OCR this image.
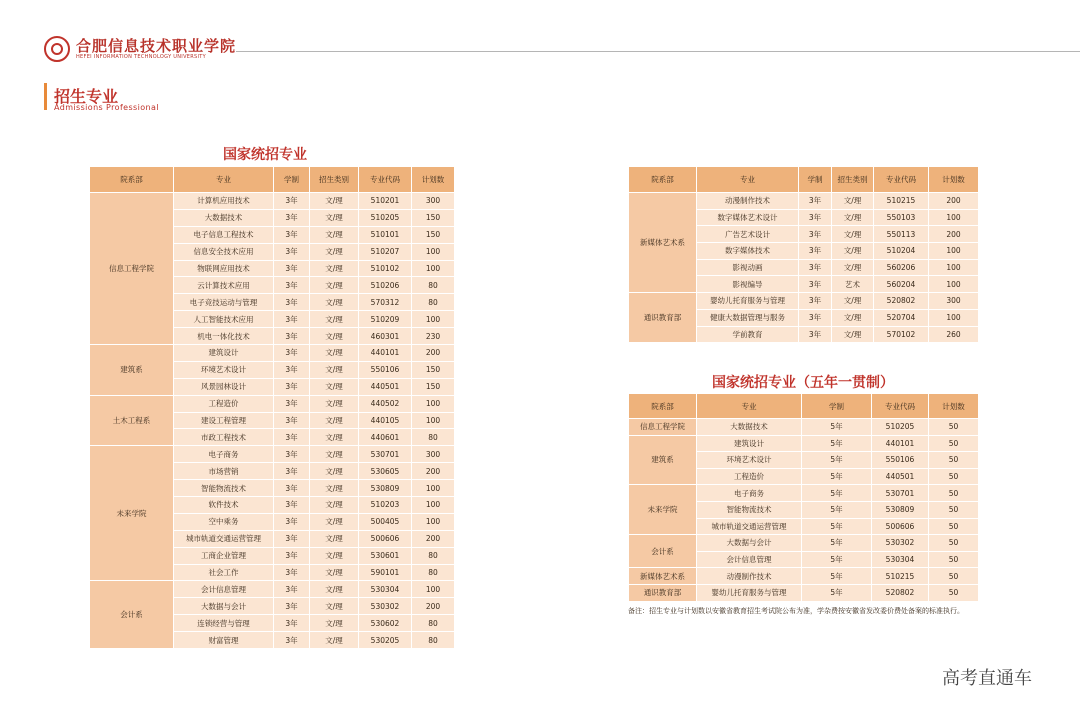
合肥信息技术职业学院
HEFEI INFORMATION TECHNOLOGY UNIVERSITY
招生专业
Admissions Professional
国家统招专业
院系部	专业	学制	招生类别	专业代码	计划数
信息工程学院	计算机应用技术	3年	文/理	510201	300
	大数据技术	3年	文/理	510205	150
	电子信息工程技术	3年	文/理	510101	150
	信息安全技术应用	3年	文/理	510207	100
	物联网应用技术	3年	文/理	510102	100
	云计算技术应用	3年	文/理	510206	80
	电子竞技运动与管理	3年	文/理	570312	80
	人工智能技术应用	3年	文/理	510209	100
	机电一体化技术	3年	文/理	460301	230
建筑系	建筑设计	3年	文/理	440101	200
	环境艺术设计	3年	文/理	550106	150
	风景园林设计	3年	文/理	440501	150
土木工程系	工程造价	3年	文/理	440502	100
	建设工程管理	3年	文/理	440105	100
	市政工程技术	3年	文/理	440601	80
未来学院	电子商务	3年	文/理	530701	300
	市场营销	3年	文/理	530605	200
	智能物流技术	3年	文/理	530809	100
	软件技术	3年	文/理	510203	100
	空中乘务	3年	文/理	500405	100
	城市轨道交通运营管理	3年	文/理	500606	200
	工商企业管理	3年	文/理	530601	80
	社会工作	3年	文/理	590101	80
会计系	会计信息管理	3年	文/理	530304	100
	大数据与会计	3年	文/理	530302	200
	连锁经营与管理	3年	文/理	530602	80
	财富管理	3年	文/理	530205	80
院系部	专业	学制	招生类别	专业代码	计划数
新媒体艺术系	动漫制作技术	3年	文/理	510215	200
	数字媒体艺术设计	3年	文/理	550103	100
	广告艺术设计	3年	文/理	550113	200
	数字媒体技术	3年	文/理	510204	100
	影视动画	3年	文/理	560206	100
	影视编导	3年	艺术	560204	100
通识教育部	婴幼儿托育服务与管理	3年	文/理	520802	300
	健康大数据管理与服务	3年	文/理	520704	100
	学前教育	3年	文/理	570102	260
国家统招专业（五年一贯制）
院系部	专业	学制	专业代码	计划数
信息工程学院	大数据技术	5年	510205	50
建筑系	建筑设计	5年	440101	50
	环境艺术设计	5年	550106	50
	工程造价	5年	440501	50
未来学院	电子商务	5年	530701	50
	智能物流技术	5年	530809	50
	城市轨道交通运营管理	5年	500606	50
会计系	大数据与会计	5年	530302	50
	会计信息管理	5年	530304	50
新媒体艺术系	动漫制作技术	5年	510215	50
通识教育部	婴幼儿托育服务与管理	5年	520802	50
备注：招生专业与计划数以安徽省教育招生考试院公布为准，学杂费按安徽省发改委价费处备案的标准执行。
高考直通车
